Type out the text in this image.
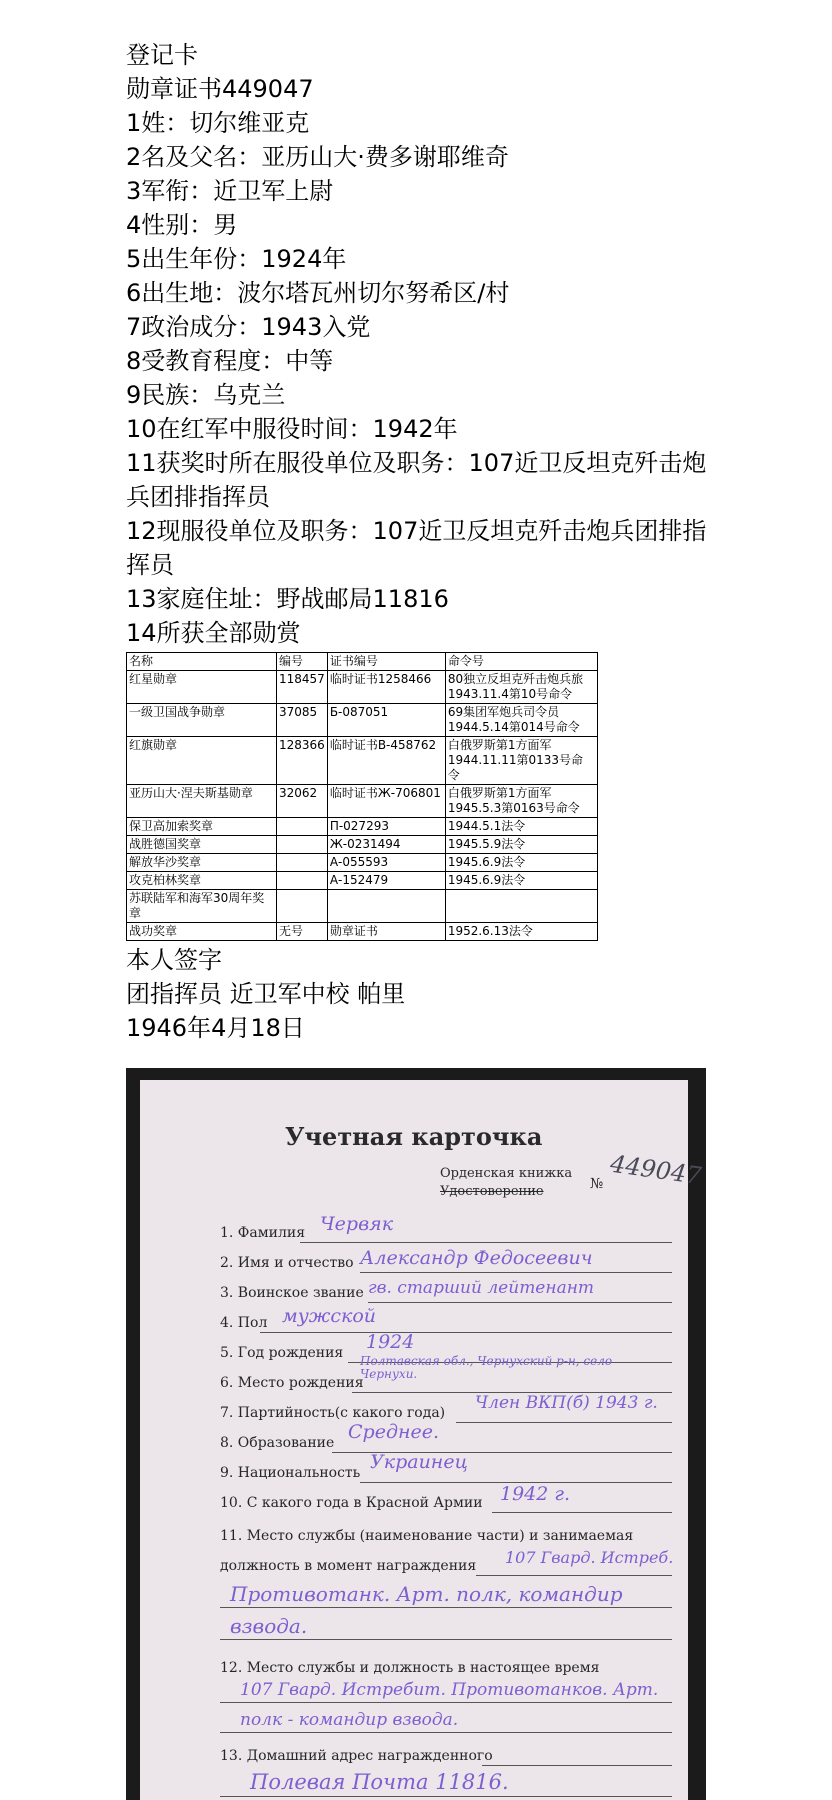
登记卡
勋章证书449047
1姓：切尔维亚克
2名及父名：亚历山大·费多谢耶维奇
3军衔：近卫军上尉
4性别：男
5出生年份：1924年
6出生地：波尔塔瓦州切尔努希区/村
7政治成分：1943入党
8受教育程度：中等
9民族：乌克兰
10在红军中服役时间：1942年
11获奖时所在服役单位及职务：107近卫反坦克歼击炮兵团排指挥员
12现服役单位及职务：107近卫反坦克歼击炮兵团排指挥员
13家庭住址：野战邮局11816
14所获全部勋赏
名称	编号	证书编号	命令号
红星勋章	118457	临时证书1258466	80独立反坦克歼击炮兵旅1943.11.4第10号命令
一级卫国战争勋章	37085	Б-087051	69集团军炮兵司令员1944.5.14第014号命令
红旗勋章	128366	临时证书B-458762	白俄罗斯第1方面军1944.11.11第0133号命令
亚历山大·涅夫斯基勋章	32062	临时证书Ж-706801	白俄罗斯第1方面军1945.5.3第0163号命令
保卫高加索奖章		П-027293	1944.5.1法令
战胜德国奖章		Ж-0231494	1945.5.9法令
解放华沙奖章		А-055593	1945.6.9法令
攻克柏林奖章		А-152479	1945.6.9法令
苏联陆军和海军30周年奖章			
战功奖章	无号	勋章证书	1952.6.13法令
本人签字
团指挥员 近卫军中校 帕里
1946年4月18日
Учетная карточка
Орденская книжка
Удостоверение	№ 449047
1. Фамилия Червяк
2. Имя и отчество Александр Федосеевич
3. Воинское звание гв. старший лейтенант
4. Пол мужской
5. Год рождения 1924
6. Место рождения
Полтавская обл., Чернухский р-н, село Чернухи.
7. Партийность(с какого года) Член ВКП(б) 1943 г.
8. Образование Среднее.
9. Национальность Украинец
10. С какого года в Красной Армии 1942 г.
11. Место службы (наименование части) и занимаемая
должность в момент награждения 107 Гвард. Истреб.
Противотанк. Арт. полк, командир
взвода.
12. Место службы и должность в настоящее время
107 Гвард. Истребит. Противотанков. Арт.
полк - командир взвода.
13. Домашний адрес награжденного
Полевая Почта 11816.
